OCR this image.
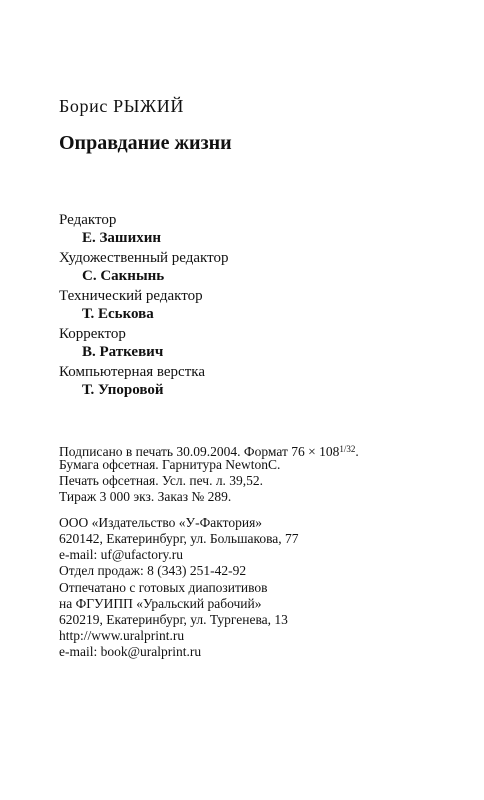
Борис РЫЖИЙ
Оправдание жизни
Редактор
Е. Зашихин
Художественный редактор
С. Сакнынь
Технический редактор
Т. Еськова
Корректор
В. Раткевич
Компьютерная верстка
Т. Упоровой
Подписано в печать 30.09.2004. Формат $76 \times 108^{1/32}$.
Бумага офсетная. Гарнитура NewtonC.
Печать офсетная. Усл. печ. л. 39,52.
Тираж 3 000 экз. Заказ № 289.
ООО «Издательство «У-Фактория»
620142, Екатеринбург, ул. Большакова, 77
e-mail: uf@ufactory.ru
Отдел продаж: 8 (343) 251-42-92
Отпечатано с готовых диапозитивов
на ФГУИПП «Уральский рабочий»
620219, Екатеринбург, ул. Тургенева, 13
http://www.uralprint.ru
e-mail: book@uralprint.ru
